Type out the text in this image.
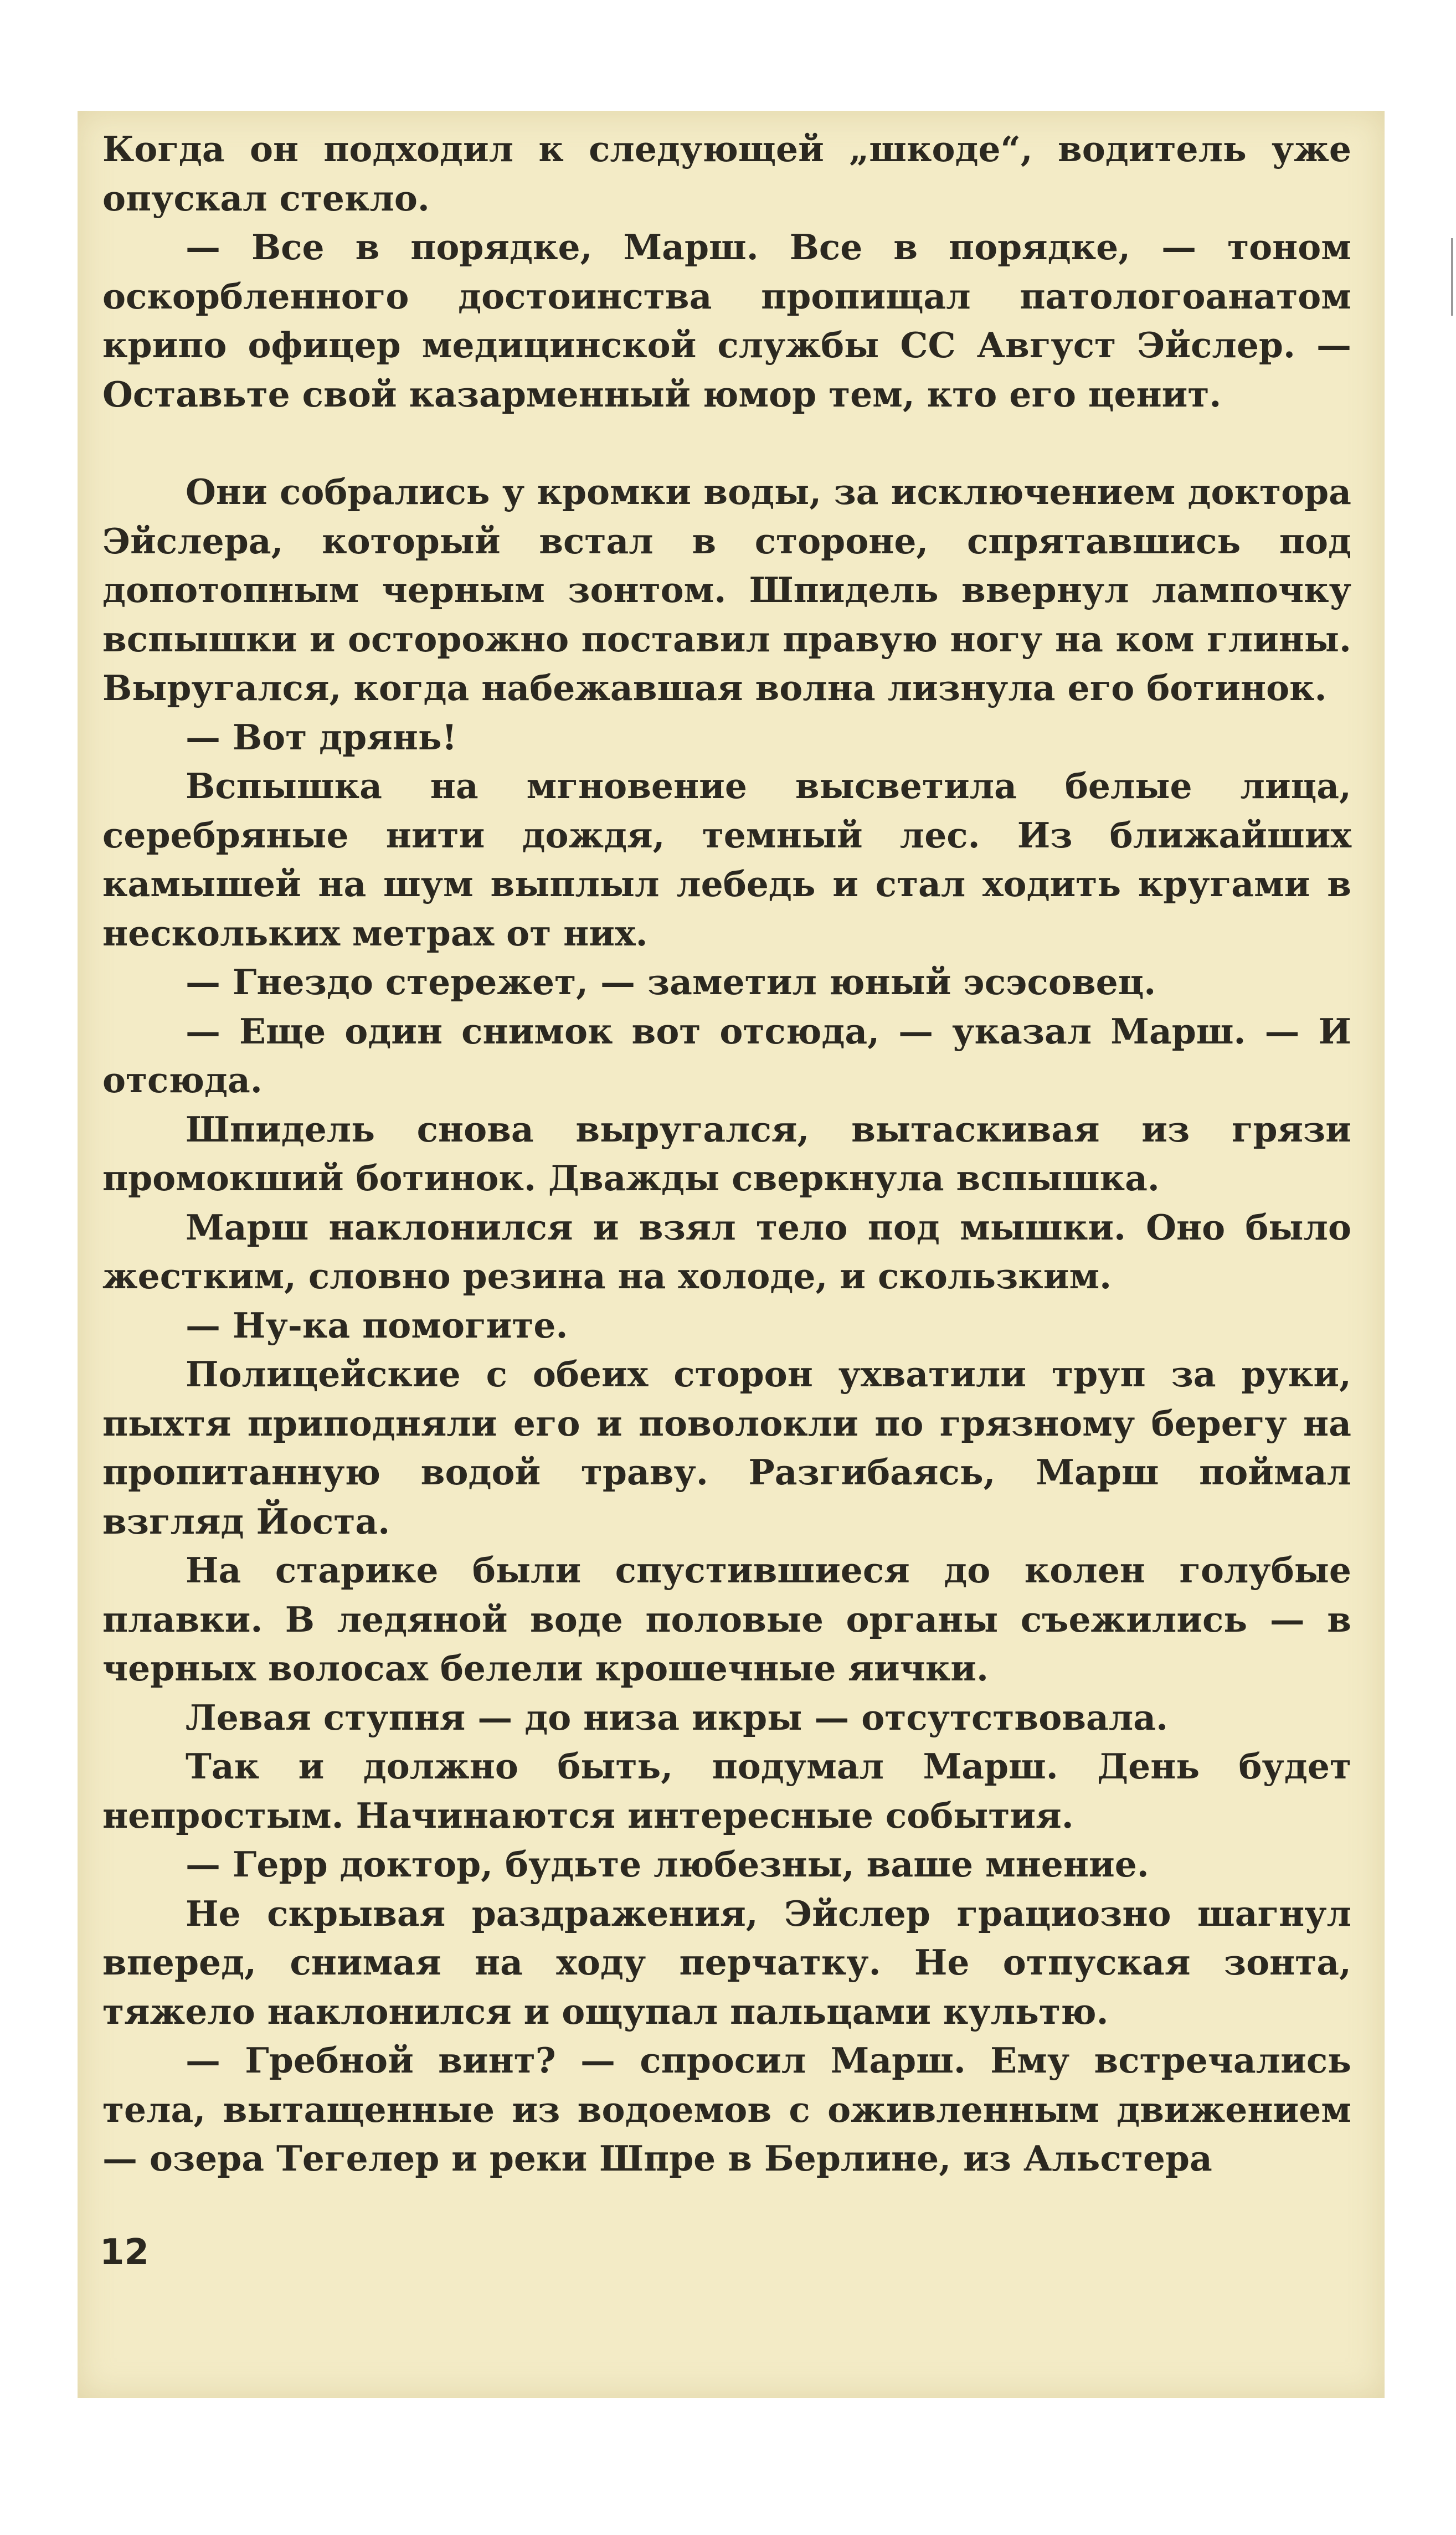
Когда он подходил к следующей „шкоде“, водитель уже опускал стекло.

— Все в порядке, Марш. Все в порядке, — тоном оскорбленного достоинства пропищал патологоанатом крипо офицер медицинской службы СС Август Эйслер. — Оставьте свой казарменный юмор тем, кто его ценит.

Они собрались у кромки воды, за исключением доктора Эйслера, который встал в стороне, спрятавшись под допотопным черным зонтом. Шпидель ввернул лампочку вспышки и осторожно поставил правую ногу на ком глины. Выругался, когда набежавшая волна лизнула его ботинок.

— Вот дрянь!

Вспышка на мгновение высветила белые лица, серебряные нити дождя, темный лес. Из ближайших камышей на шум выплыл лебедь и стал ходить кругами в нескольких метрах от них.

— Гнездо стережет, — заметил юный эсэсовец.

— Еще один снимок вот отсюда, — указал Марш. — И отсюда.

Шпидель снова выругался, вытаскивая из грязи промокший ботинок. Дважды сверкнула вспышка.

Марш наклонился и взял тело под мышки. Оно было жестким, словно резина на холоде, и скользким.

— Ну-ка помогите.

Полицейские с обеих сторон ухватили труп за руки, пыхтя приподняли его и поволокли по грязному берегу на пропитанную водой траву. Разгибаясь, Марш поймал взгляд Йоста.

На старике были спустившиеся до колен голубые плавки. В ледяной воде половые органы съежились — в черных волосах белели крошечные яички.

Левая ступня — до низа икры — отсутствовала.

Так и должно быть, подумал Марш. День будет непростым. Начинаются интересные события.

— Герр доктор, будьте любезны, ваше мнение.

Не скрывая раздражения, Эйслер грациозно шагнул вперед, снимая на ходу перчатку. Не отпуская зонта, тяжело наклонился и ощупал пальцами культю.

— Гребной винт? — спросил Марш. Ему встречались тела, вытащенные из водоемов с оживленным движением — озера Тегелер и реки Шпре в Берлине, из Альстера

12
